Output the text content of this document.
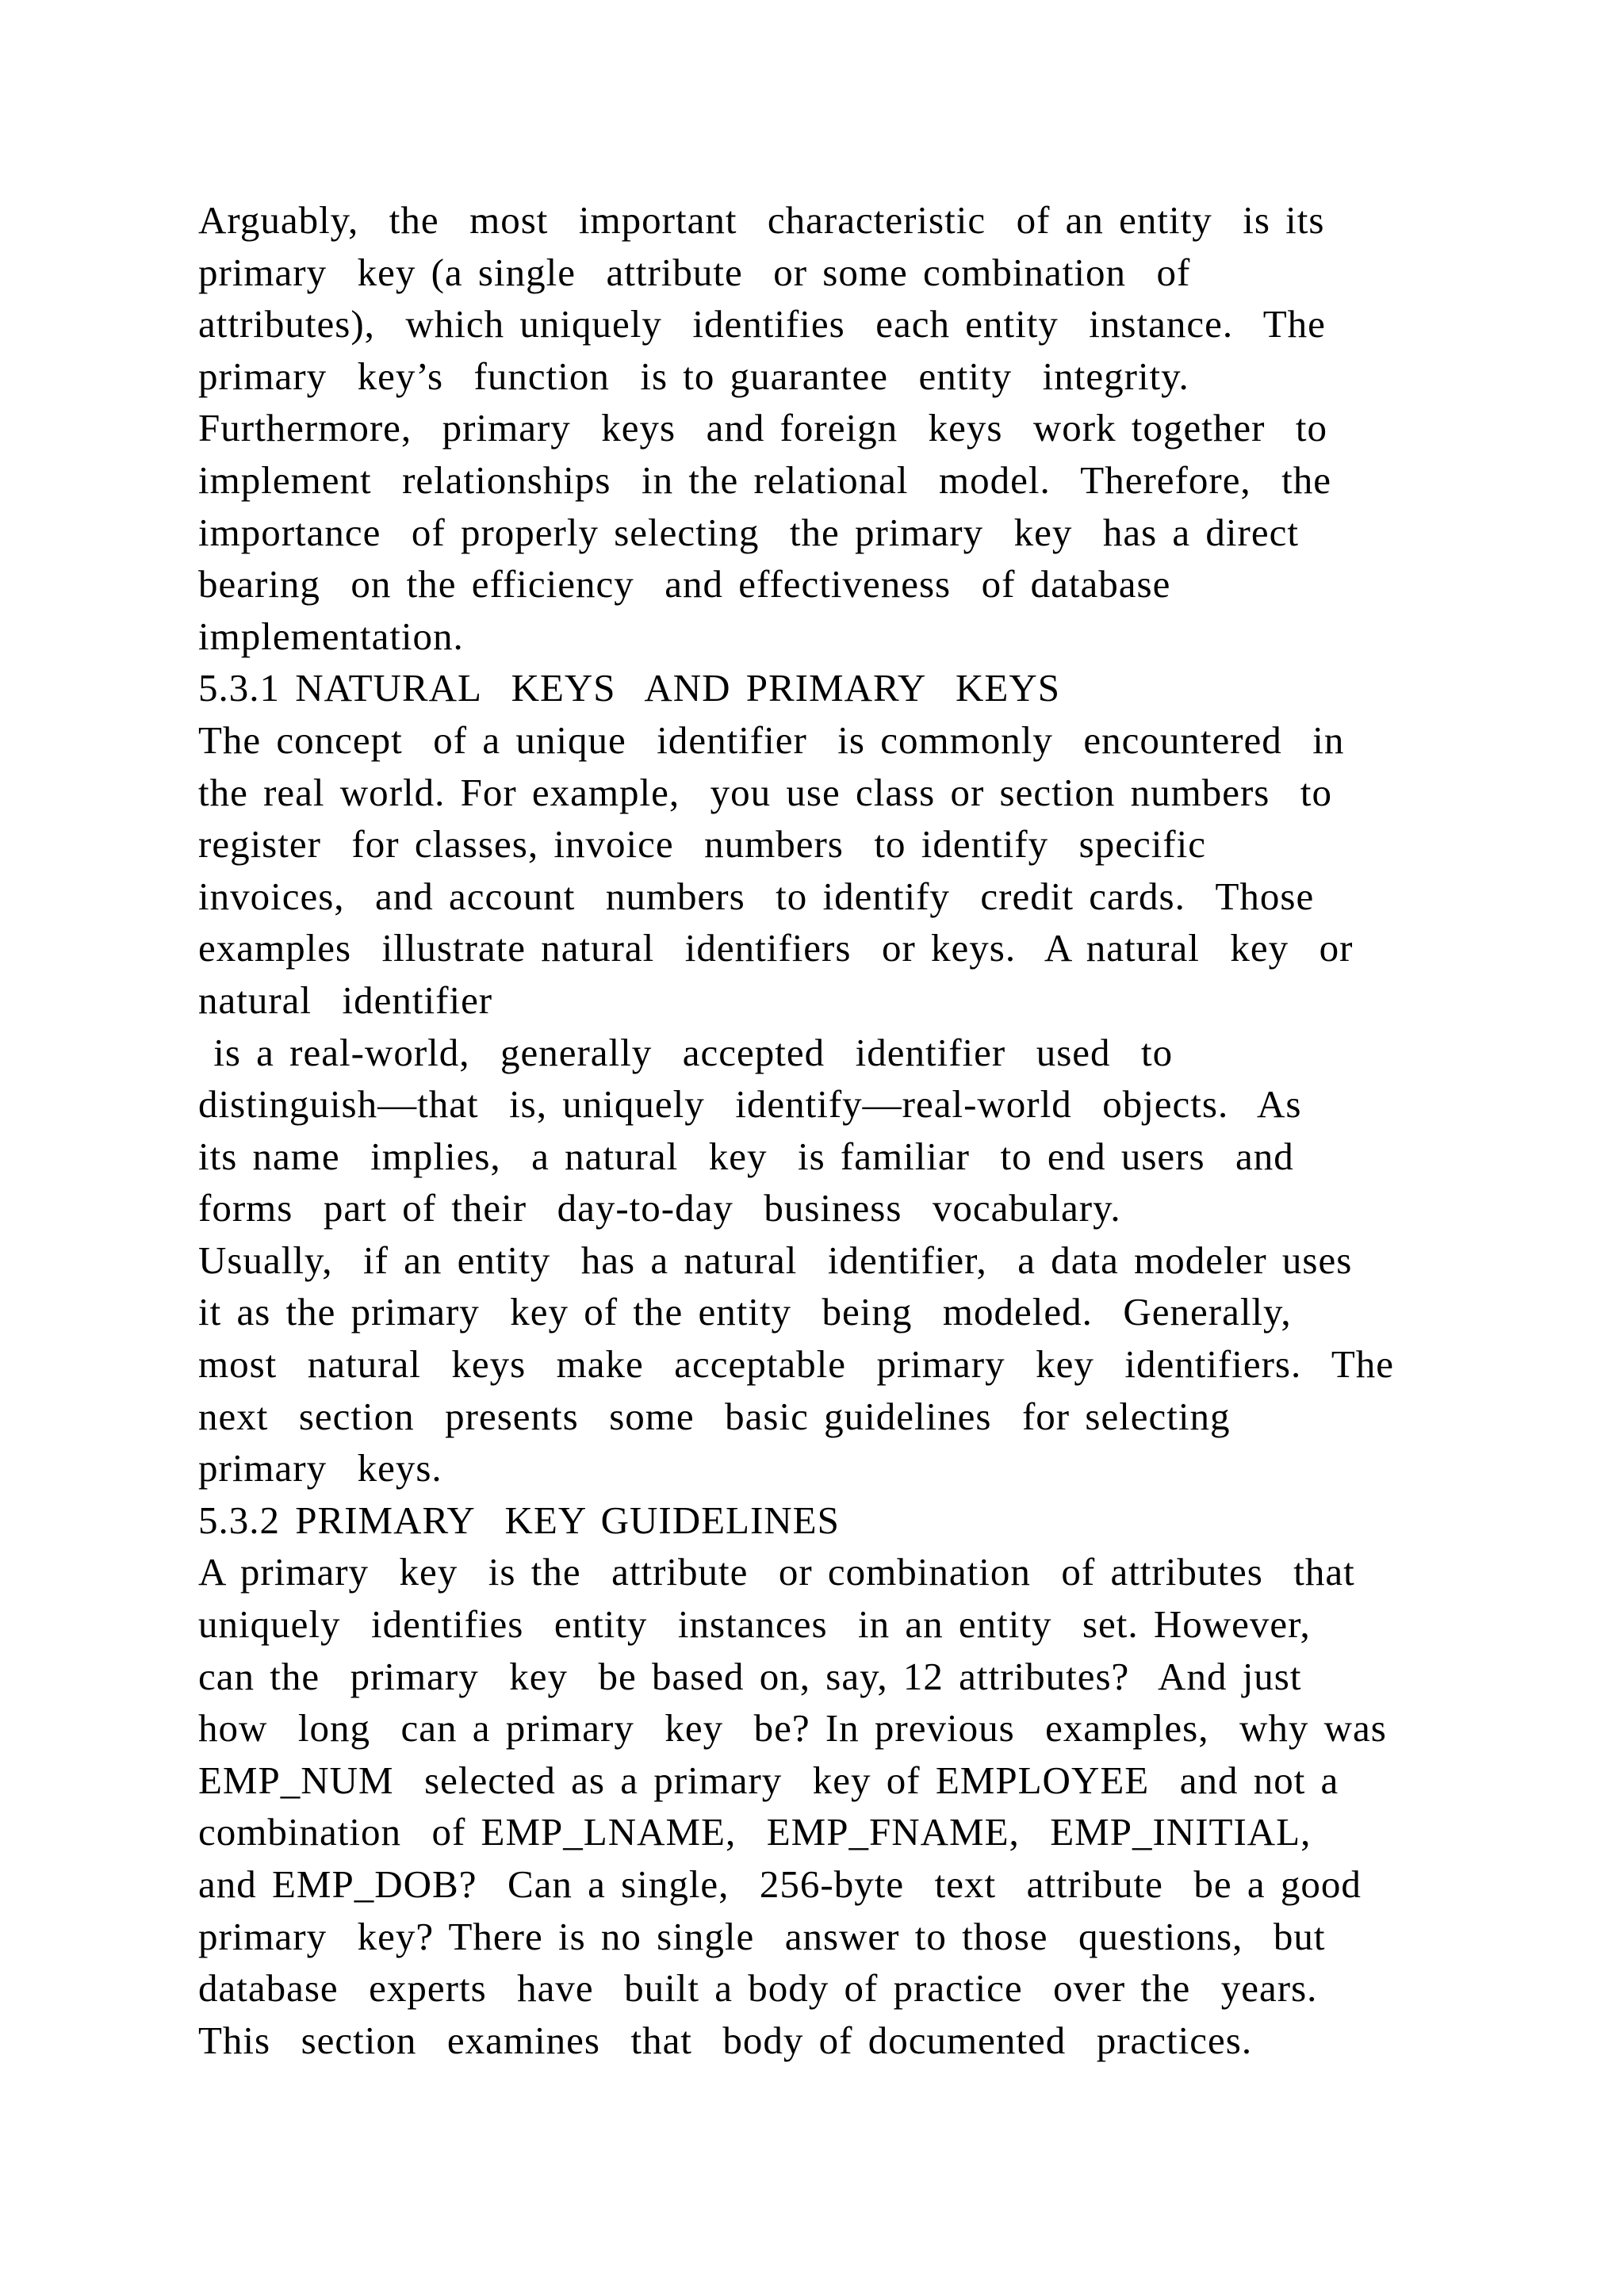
Arguably,  the  most  important  characteristic  of an entity  is its
primary  key (a single  attribute  or some combination  of
attributes),  which uniquely  identifies  each entity  instance.  The
primary  key’s  function  is to guarantee  entity  integrity.
Furthermore,  primary  keys  and foreign  keys  work together  to
implement  relationships  in the relational  model.  Therefore,  the
importance  of properly selecting  the primary  key  has a direct
bearing  on the efficiency  and effectiveness  of database
implementation.
5.3.1 NATURAL  KEYS  AND PRIMARY  KEYS
The concept  of a unique  identifier  is commonly  encountered  in
the real world. For example,  you use class or section numbers  to
register  for classes, invoice  numbers  to identify  specific
invoices,  and account  numbers  to identify  credit cards.  Those
examples  illustrate natural  identifiers  or keys.  A natural  key  or
natural  identifier
is a real-world,  generally  accepted  identifier  used  to
distinguish—that  is, uniquely  identify—real-world  objects.  As
its name  implies,  a natural  key  is familiar  to end users  and
forms  part of their  day-to-day  business  vocabulary.
Usually,  if an entity  has a natural  identifier,  a data modeler uses
it as the primary  key of the entity  being  modeled.  Generally,
most  natural  keys  make  acceptable  primary  key  identifiers.  The
next  section  presents  some  basic guidelines  for selecting
primary  keys.
5.3.2 PRIMARY  KEY GUIDELINES
A primary  key  is the  attribute  or combination  of attributes  that
uniquely  identifies  entity  instances  in an entity  set. However,
can the  primary  key  be based on, say, 12 attributes?  And just
how  long  can a primary  key  be? In previous  examples,  why was
EMP_NUM  selected as a primary  key of EMPLOYEE  and not a
combination  of EMP_LNAME,  EMP_FNAME,  EMP_INITIAL,
and EMP_DOB?  Can a single,  256-byte  text  attribute  be a good
primary  key? There is no single  answer to those  questions,  but
database  experts  have  built a body of practice  over the  years.
This  section  examines  that  body of documented  practices.
